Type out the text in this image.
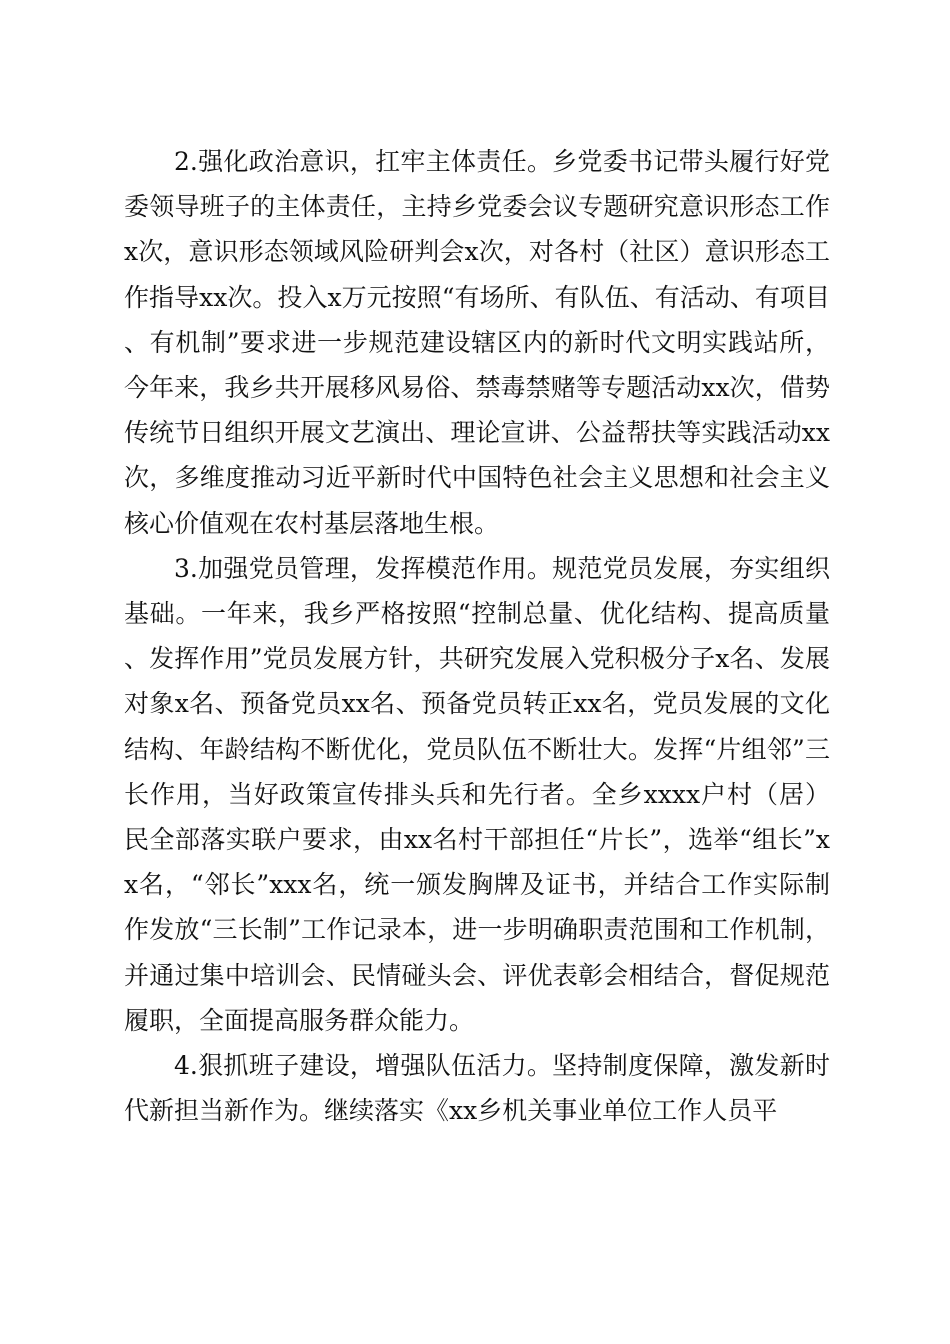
2.强化政治意识，扛牢主体责任。乡党委书记带头履行好党委领导班子的主体责任，主持乡党委会议专题研究意识形态工作x次，意识形态领域风险研判会x次，对各村（社区）意识形态工作指导xx次。投入x万元按照“有场所、有队伍、有活动、有项目、有机制”要求进一步规范建设辖区内的新时代文明实践站所，今年来，我乡共开展移风易俗、禁毒禁赌等专题活动xx次，借势传统节日组织开展文艺演出、理论宣讲、公益帮扶等实践活动xx次，多维度推动习近平新时代中国特色社会主义思想和社会主义核心价值观在农村基层落地生根。

3.加强党员管理，发挥模范作用。规范党员发展，夯实组织基础。一年来，我乡严格按照“控制总量、优化结构、提高质量、发挥作用”党员发展方针，共研究发展入党积极分子x名、发展对象x名、预备党员xx名、预备党员转正xx名，党员发展的文化结构、年龄结构不断优化，党员队伍不断壮大。发挥“片组邻”三长作用，当好政策宣传排头兵和先行者。全乡xxxx户村（居）民全部落实联户要求，由xx名村干部担任“片长”，选举“组长”xx名，“邻长”xxx名，统一颁发胸牌及证书，并结合工作实际制作发放“三长制”工作记录本，进一步明确职责范围和工作机制，并通过集中培训会、民情碰头会、评优表彰会相结合，督促规范履职，全面提高服务群众能力。

4.狠抓班子建设，增强队伍活力。坚持制度保障，激发新时代新担当新作为。继续落实《xx乡机关事业单位工作人员平
